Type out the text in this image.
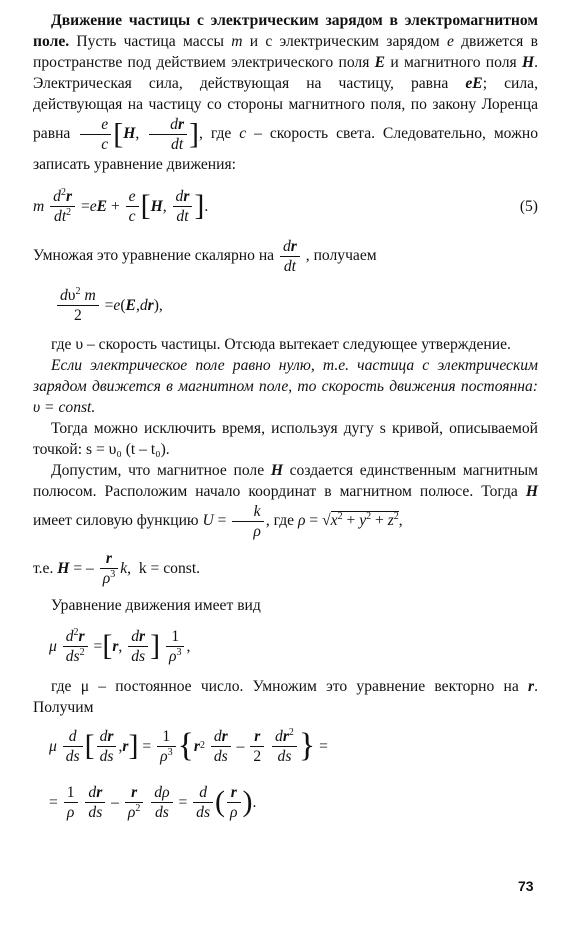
Движение частицы с электрическим зарядом в электромагнитном поле. Пусть частица массы m и с электрическим зарядом e движется в пространстве под действием электрического поля E и магнитного поля H. Электрическая сила, действующая на частицу, равна eE; сила, действующая на частицу со стороны магнитного поля, по закону Лоренца равна $\frac{e}{c} [H$, $\frac{dr}{dt}$ ], где c – скорость света. Следовательно, можно записать уравнение движения:

m
$\frac{d^2r}{dt^2} = e$ $E + \frac{e}{c}$ [ H , $\frac{dr}{dt}$ ] .	(5)

Умножая это уравнение скалярно на $\frac{dr}{dt}$ , получаем

$\frac{d\upsilon^2 m}{2} = e$ ( E , d r ),

где υ – скорость частицы. Отсюда вытекает следующее утверждение.

Если электрическое поле равно нулю, т.е. частица с электрическим зарядом движется в магнитном поле, то скорость движения постоянна: υ = const.

Тогда можно исключить время, используя дугу s кривой, описываемой точкой: s = υ₀ (t – t₀).

Допустим, что магнитное поле H создается единственным магнитным полюсом. Расположим начало координат в магнитном полюсе. Тогда H имеет силовую функцию $U = \frac{k}{\rho}$ , где $\rho = √x^2 + y^2 + z^2$,

т.е.
H = – $\frac{r}{\rho^3}$ k , k = const.

Уравнение движения имеет вид

μ
$\frac{d^2r}{ds^2}$ = [ r , $\frac{dr}{ds}$ ]
$\frac{1}{\rho^3}$ ,

где μ – постоянное число. Умножим это уравнение векторно на r. Получим

μ
$\frac{d}{ds}$ [ $\frac{dr}{ds}$ , r ] = $\frac{1}{\rho^3}$ { r 2
$\frac{dr}{ds} - \frac{r}{2}$
$\frac{dr^2}{ds}$ } =
= $\frac{1}{\rho}$
$\frac{dr}{ds} - \frac{r}{\rho^2}$
$\frac{d\rho}{ds} = \frac{d}{ds}$ ( $\frac{r}{\rho}$ ) .
73
